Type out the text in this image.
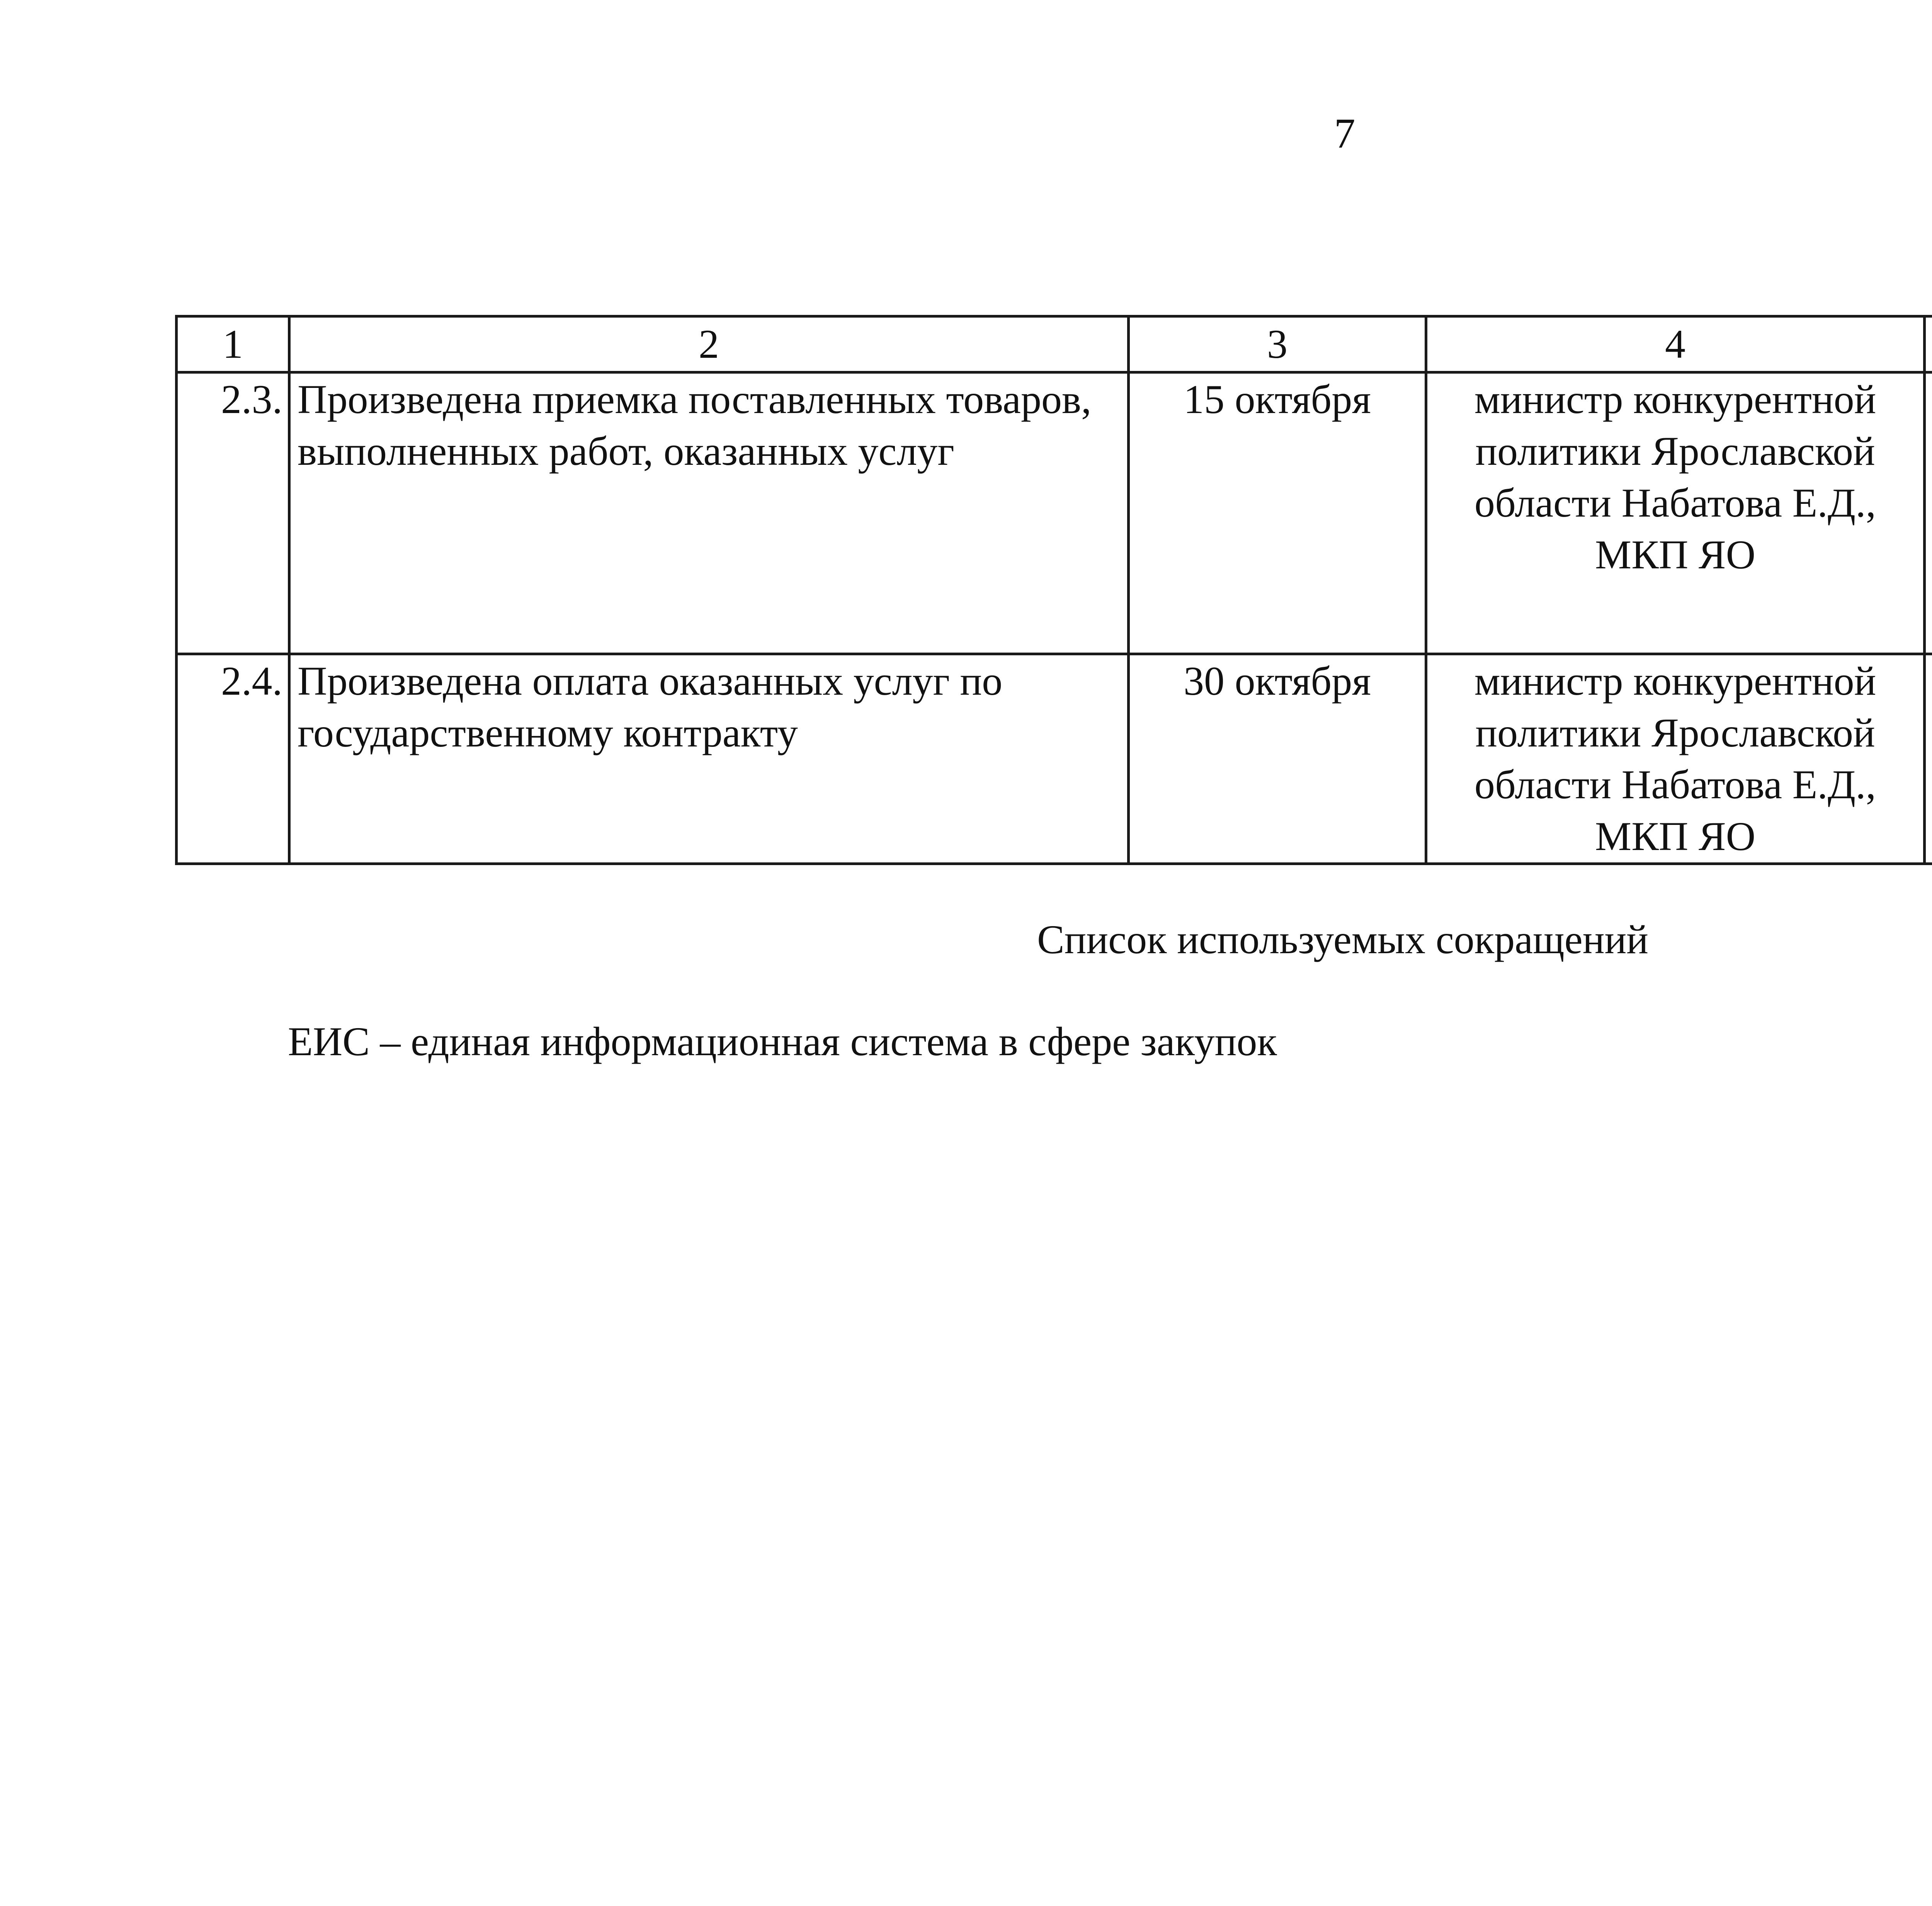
7
1	2	3	4		
2.3.	Произведена приемка поставленных товаров, выполненных работ, оказанных услуг	15 октября	министр конкурентной политики Ярославской области Набатова Е.Д., МКП ЯО		
2.4.	Произведена оплата оказанных услуг по государственному контракту	30 октября	министр конкурентной политики Ярославской области Набатова Е.Д., МКП ЯО		
Список используемых сокращений
ЕИС – единая информационная система в сфере закупок
